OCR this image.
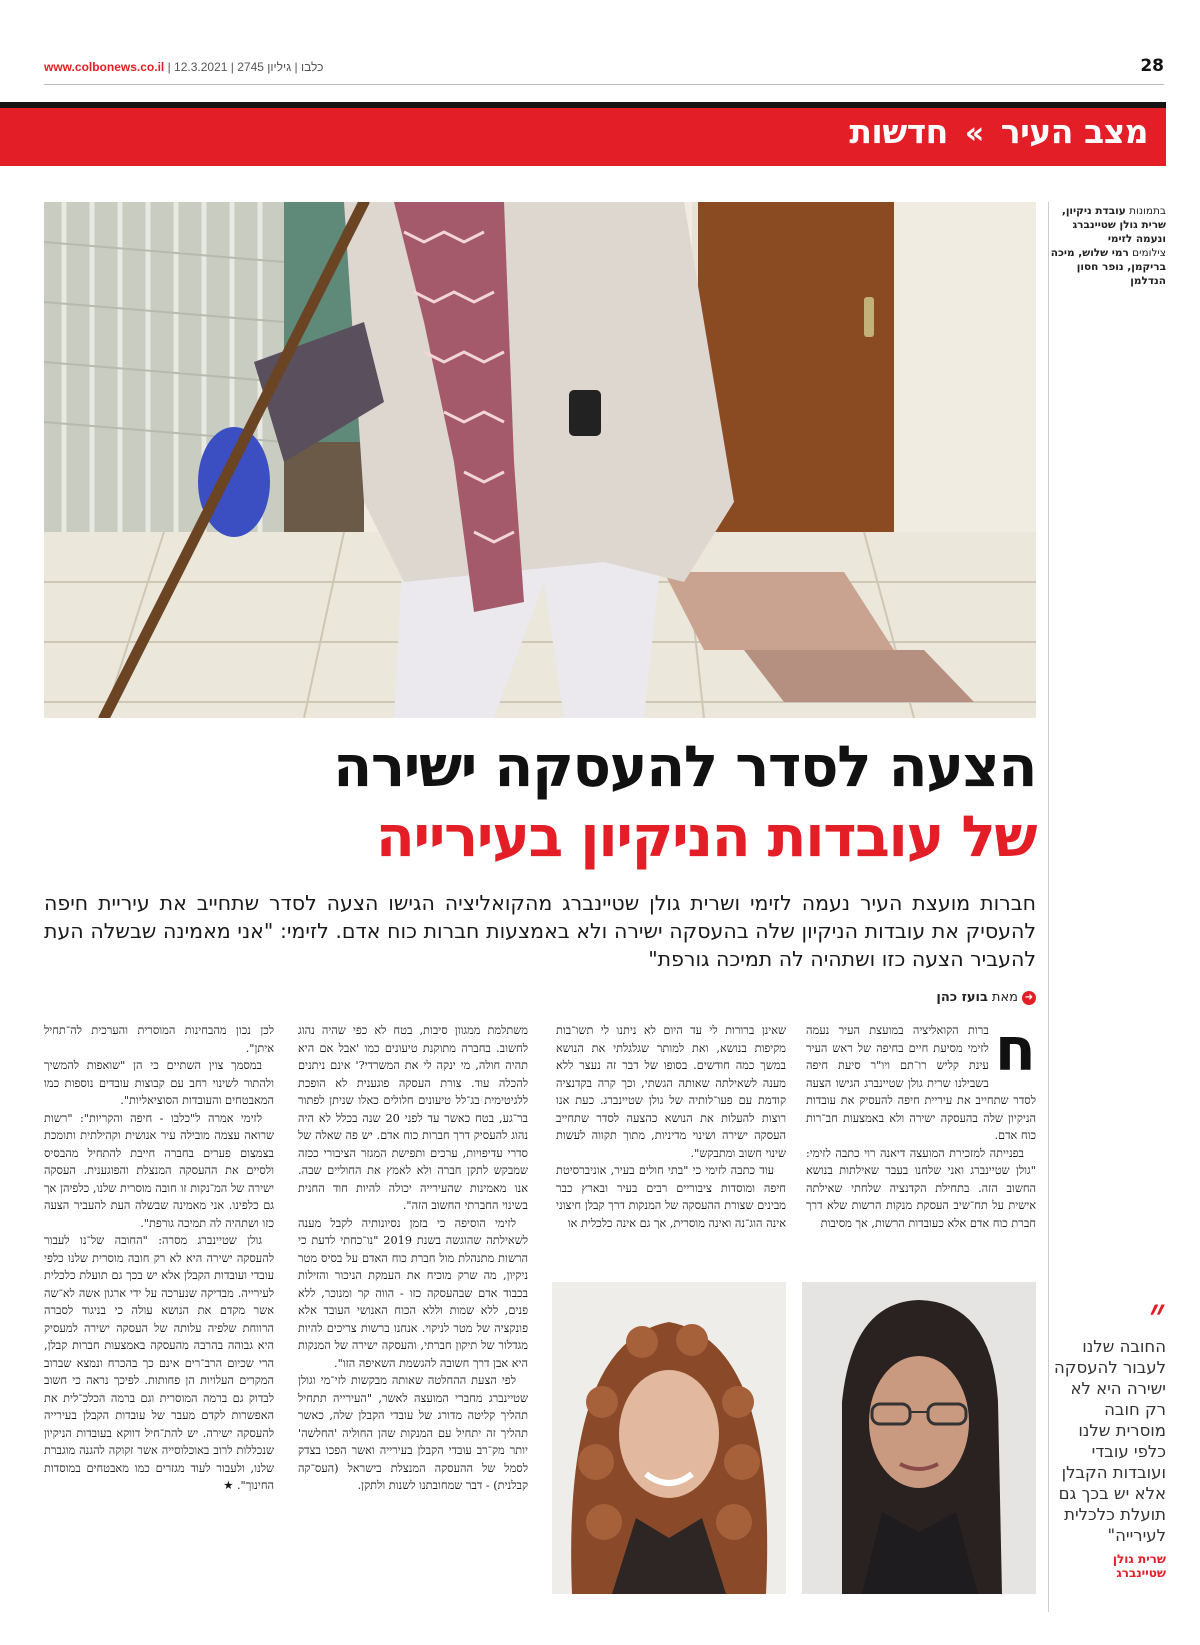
www.colbonews.co.il | כלבו | גיליון 2745 | 12.3.2021	28
מצב העיר » חדשות
בתמונות עובדת ניקיון, שרית גולן שטיינברג ונעמה לזימי
צילומים רמי שלוש, מיכה בריקמן, נופר חסון הנדלמן
הצעה לסדר להעסקה ישירה
של עובדות הניקיון בעירייה
חברות מועצת העיר נעמה לזימי ושרית גולן שטיינברג מהקואליציה הגישו הצעה לסדר שתחייב את עיריית חיפה להעסיק את עובדות הניקיון שלה בהעסקה ישירה ולא באמצעות חברות כוח אדם. לזימי: "אני מאמינה שבשלה העת להעביר הצעה כזו ושתהיה לה תמיכה גורפת"
➜
מאת
בועז כהן
ח

ברות הקואליציה במועצת העיר נעמה לזימי מסיעת חיים בחיפה של ראש העיר עינת קליש רו־תם ויו"ר סיעת חיפה בשבילנו שרית גולן שטיינברג הגישו הצעה לסדר שתחייב את עיריית חיפה להעסיק את עובדות הניקיון שלה בהעסקה ישירה ולא באמצעות חב־רות כוח אדם.

בפנייתה למזכירת המועצה דיאנה רוי כתבה לזימי: "גולן שטיינברג ואני שלחנו בעבר שאילתות בנושא החשוב הזה. בתחילת הקדנציה שלחתי שאילתה אישית על תח־שיב העסקת מנקות הרשות שלא דרך חברת כוח אדם אלא כעובדות הרשות, אך מסיבות

שאינן ברורות לי עד היום לא ניתנו לי תשו־בות מקיפות בנושא, ואת למותר שגלגלתי את הנושא במשך כמה חודשים. בסופו של דבר זה נעצר ללא מענה לשאילתה שאותה הגשתי, וכך קרה בקדנציה קודמת עם פעו־לותיה של גולן שטיינברג. כעת אנו רוצות להעלות את הנושא כהצעה לסדר שתחייב העסקה ישירה ושינוי מדיניות, מתוך תקווה לעשות שינוי חשוב ומתבקש".

עוד כתבה לזימי כי "בתי חולים בעיר, אוניברסיטת חיפה ומוסדות ציבוריים רבים בעיר ובארץ כבר מבינים שצורת ההעסקה של המנקות דרך קבלן חיצוני אינה הוג־נה ואינה מוסרית, אך גם אינה כלכלית או

משתלמת ממגוון סיבות, בטח לא כפי שהיה נהוג לחשוב. בחברה מתוקנת טיעונים כמו 'אבל אם היא תהיה חולה, מי ינקה לי את המשרדי?' אינם ניתנים להכלה עוד. צורת העסקה פוגענית לא הופכת ללגיטימית בג־לל טיעונים חלולים כאלו שניתן לפתור בר־גע, בטח כאשר עד לפני 20 שנה בכלל לא היה נהוג להעסיק דרך חברות כוח אדם. יש פה שאלה של סדרי עדיפויות, ערכים ותפישת המגזר הציבורי ככזה שמבקש לתקן חברה ולא לאמץ את החוליים שבה. אנו מאמינות שהעירייה יכולה להיות חוד החנית בשינוי החברתי החשוב הזה".

לזימי הוסיפה כי בזמן נסיונותיה לקבל מענה לשאילתה שהוגשה בשנת 2019 "נו־כחתי לדעת כי הרשות מתנהלת מול חברת כוח האדם על בסיס מטר ניקיון, מה שרק מוכיח את העמקת הניכור והזילות בכבוד אדם שבהעסקה כזו - הווה קר ומנוכר, ללא פנים, ללא שמות וללא הכוח האנושי העובד אלא פונקציה של מטר לניקוי. אנחנו ברשות צריכים להיות מגדלור של תיקון חברתי, והעסקה ישירה של המנקות היא אבן דרך חשובה להגשמת השאיפה הזו".

לפי הצעת ההחלטה שאותה מבקשות לזי־מי וגולן שטיינברג מחברי המועצה לאשר, "העירייה תתחיל תהליך קליטה מדורג של עובדי הקבלן שלה, כאשר תהליך זה יתחיל עם המנקות שהן החוליה 'החלשה' יותר מק־רב עובדי הקבלן בעירייה ואשר הפכו בצדק לסמל של ההעסקה המנצלת בישראל (העס־קה קבלנית) - דבר שמחובתנו לשנות ולתקן.

לכן נכון מהבחינות המוסרית והערכית לה־תחיל איתן".

במסמך צוין השתיים כי הן "שואפות להמשיך ולהתור לשינוי רחב עם קבוצות עובדים נוספות כמו המאבטחים והעובדות הסוציאליות".

לזימי אמרה ל"כלבו - חיפה והקריות": "רשות שרואה עצמה מובילה עיר אנושית וקהילתית ותומכת בצמצום פערים בחברה חייבת להתחיל מהבסיס ולסיים את ההעסקה המנצלת והפוגענית. העסקה ישירה של המ־נקות זו חובה מוסרית שלנו, כלפיהן אך גם כלפינו. אני מאמינה שבשלה העת להעביר הצעה כזו ושתהיה לה תמיכה גורפת".

גולן שטיינברג מסרה: "החובה של־נו לעבור להעסקה ישירה היא לא רק חובה מוסרית שלנו כלפי עובדי ועובדות הקבלן אלא יש בכך גם תועלת כלכלית לעירייה. מבדיקה שנערכה על ידי ארגון אשה לא־שה אשר מקדם את הנושא עולה כי בניגוד לסברה הרווחת שלפיה עלותה של העסקה ישירה למעסיק היא גבוהה בהרבה מהעסקה באמצעות חברות קבלן, הרי שכיום הרב־רים אינם כך בהכרח ונמצא שברוב המקרים העלויות הן פחותות. לפיכך נראה כי חשוב לבדוק גם ברמה המוסרית וגם ברמה הכלכ־לית את האפשרות לקדם מעבר של עובדות הקבלן בעירייה להעסקה ישירה. יש להת־חיל דווקא בעובדות הניקיון שנכללות לרוב באוכלוסייה אשר זקוקה להגנה מוגברת שלנו, ולעבור לעוד מגזרים כמו מאבטחים במוסדות החינוך". ★

״
החובה שלנו לעבור להעסקה ישירה היא לא רק חובה מוסרית שלנו כלפי עובדי ועובדות הקבלן אלא יש בכך גם תועלת כלכלית לעירייה"
שרית גולן
שטיינברג
